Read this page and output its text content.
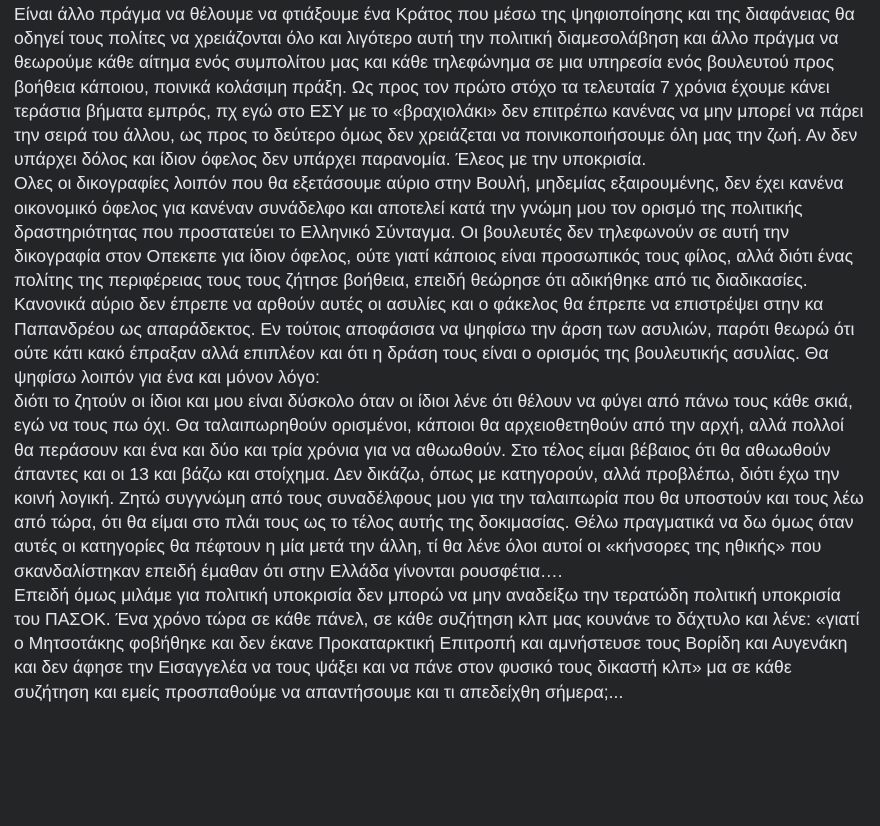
Είναι άλλο πράγμα να θέλουμε να φτιάξουμε ένα Κράτος που μέσω της ψηφιοποίησης και της διαφάνειας θα οδηγεί τους πολίτες να χρειάζονται όλο και λιγότερο αυτή την πολιτική διαμεσολάβηση και άλλο πράγμα να θεωρούμε κάθε αίτημα ενός συμπολίτου μας και κάθε τηλεφώνημα σε μια υπηρεσία ενός βουλευτού προς βοήθεια κάποιου, ποινικά κολάσιμη πράξη. Ως προς τον πρώτο στόχο τα τελευταία 7 χρόνια έχουμε κάνει τεράστια βήματα εμπρός, πχ εγώ στο ΕΣΥ με το «βραχιολάκι» δεν επιτρέπω κανένας να μην μπορεί να πάρει την σειρά του άλλου, ως προς το δεύτερο όμως δεν χρειάζεται να ποινικοποιήσουμε όλη μας την ζωή. Αν δεν υπάρχει δόλος και ίδιον όφελος δεν υπάρχει παρανομία. Έλεος με την υποκρισία.

Ολες οι δικογραφίες λοιπόν που θα εξετάσουμε αύριο στην Βουλή, μηδεμίας εξαιρουμένης, δεν έχει κανένα οικονομικό όφελος για κανέναν συνάδελφο και αποτελεί κατά την γνώμη μου τον ορισμό της πολιτικής δραστηριότητας που προστατεύει το Ελληνικό Σύνταγμα. Οι βουλευτές δεν τηλεφωνούν σε αυτή την δικογραφία στον Οπεκεπε για ίδιον όφελος, ούτε γιατί κάποιος είναι προσωπικός τους φίλος, αλλά διότι ένας πολίτης της περιφέρειας τους τους ζήτησε βοήθεια, επειδή θεώρησε ότι αδικήθηκε από τις διαδικασίες. Κανονικά αύριο δεν έπρεπε να αρθούν αυτές οι ασυλίες και ο φάκελος θα έπρεπε να επιστρέψει στην κα Παπανδρέου ως απαράδεκτος. Εν τούτοις αποφάσισα να ψηφίσω την άρση των ασυλιών, παρότι θεωρώ ότι ούτε κάτι κακό έπραξαν αλλά επιπλέον και ότι η δράση τους είναι ο ορισμός της βουλευτικής ασυλίας. Θα ψηφίσω λοιπόν για ένα και μόνον λόγο:

διότι το ζητούν οι ίδιοι και μου είναι δύσκολο όταν οι ίδιοι λένε ότι θέλουν να φύγει από πάνω τους κάθε σκιά, εγώ να τους πω όχι. Θα ταλαιπωρηθούν ορισμένοι, κάποιοι θα αρχειοθετηθούν από την αρχή, αλλά πολλοί θα περάσουν και ένα και δύο και τρία χρόνια για να αθωωθούν. Στο τέλος είμαι βέβαιος ότι θα αθωωθούν άπαντες και οι 13 και βάζω και στοίχημα. Δεν δικάζω, όπως με κατηγορούν, αλλά προβλέπω, διότι έχω την κοινή λογική. Ζητώ συγγνώμη από τους συναδέλφους μου για την ταλαιπωρία που θα υποστούν και τους λέω από τώρα, ότι θα είμαι στο πλάι τους ως το τέλος αυτής της δοκιμασίας. Θέλω πραγματικά να δω όμως όταν αυτές οι κατηγορίες θα πέφτουν η μία μετά την άλλη, τί θα λένε όλοι αυτοί οι «κήνσορες της ηθικής» που σκανδαλίστηκαν επειδή έμαθαν ότι στην Ελλάδα γίνονται ρουσφέτια….

Επειδή όμως μιλάμε για πολιτική υποκρισία δεν μπορώ να μην αναδείξω την τερατώδη πολιτική υποκρισία του ΠΑΣΟΚ. Ένα χρόνο τώρα σε κάθε πάνελ, σε κάθε συζήτηση κλπ μας κουνάνε το δάχτυλο και λένε: «γιατί ο Μητσοτάκης φοβήθηκε και δεν έκανε Προκαταρκτική Επιτροπή και αμνήστευσε τους Βορίδη και Αυγενάκη και δεν άφησε την Εισαγγελέα να τους ψάξει και να πάνε στον φυσικό τους δικαστή κλπ» μα σε κάθε συζήτηση και εμείς προσπαθούμε να απαντήσουμε και τι απεδείχθη σήμερα;...
